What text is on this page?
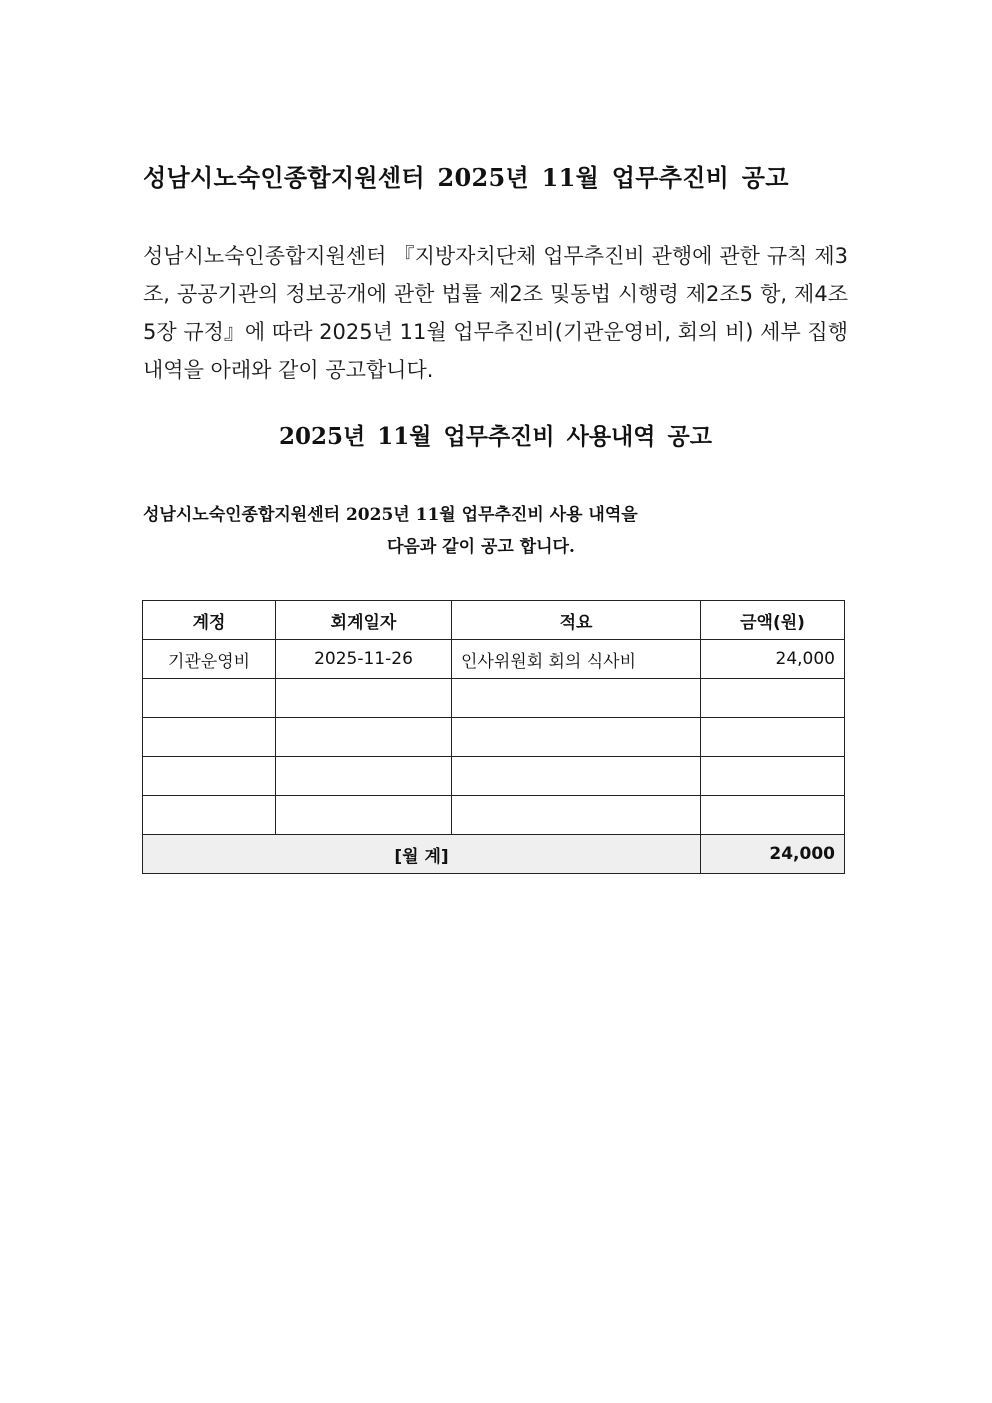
성남시노숙인종합지원센터 2025년 11월 업무추진비 공고

성남시노숙인종합지원센터 『지방자치단체 업무추진비 관행에 관한 규칙 제3조, 공공기관의 정보공개에 관한 법률 제2조 및동법 시행령 제2조5 항, 제4조5장 규정』에 따라 2025년 11월 업무추진비(기관운영비, 회의 비) 세부 집행 내역을 아래와 같이 공고합니다.

2025년 11월 업무추진비 사용내역 공고

성남시노숙인종합지원센터 2025년 11월 업무추진비 사용 내역을
다음과 같이 공고 합니다.

계정	회계일자	적요	금액(원)
기관운영비	2025-11-26	인사위원회 회의 식사비	24,000

[월 계]			24,000
